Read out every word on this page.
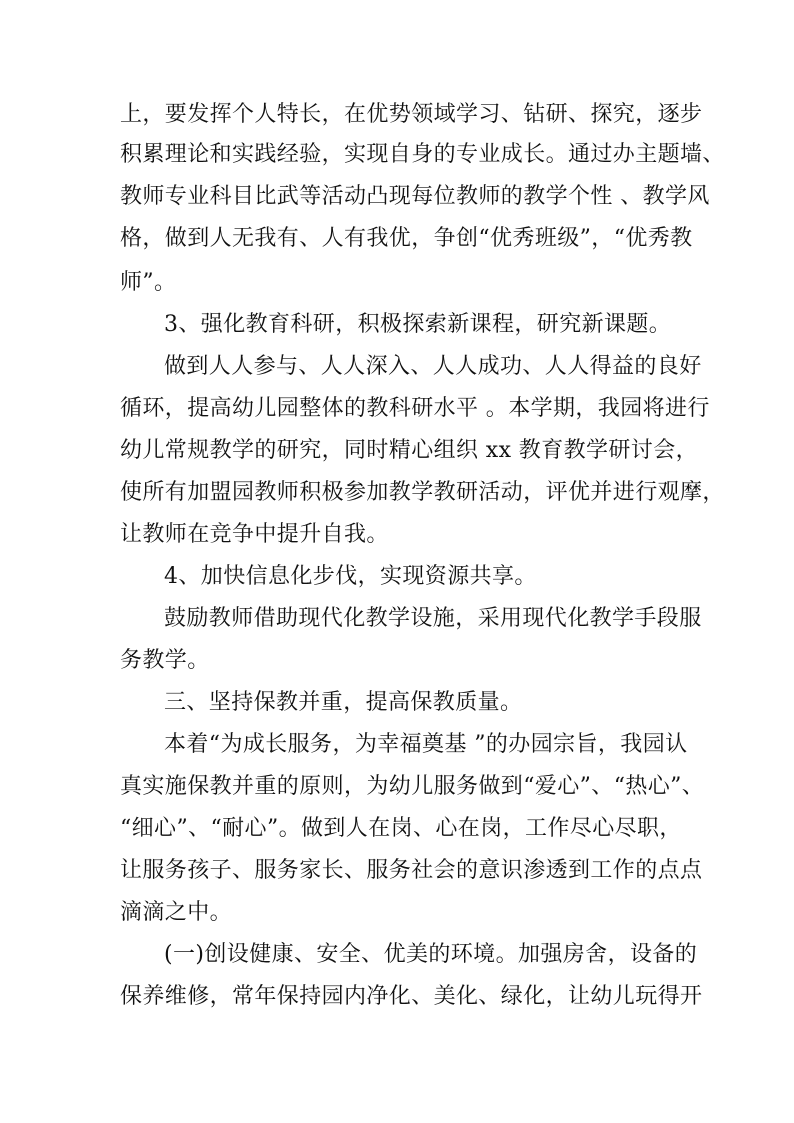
上，要发挥个人特长，在优势领域学习、钻研、探究，逐步
积累理论和实践经验，实现自身的专业成长。通过办主题墙、
教师专业科目比武等活动凸现每位教师的教学个性 、教学风
格，做到人无我有、人有我优，争创“优秀班级”，“优秀教
师”。
3、强化教育科研，积极探索新课程，研究新课题。
做到人人参与、人人深入、人人成功、人人得益的良好
循环，提高幼儿园整体的教科研水平 。本学期，我园将进行
幼儿常规教学的研究，同时精心组织 xx 教育教学研讨会，
使所有加盟园教师积极参加教学教研活动，评优并进行观摩，
让教师在竞争中提升自我。
4、加快信息化步伐，实现资源共享。
鼓励教师借助现代化教学设施，采用现代化教学手段服
务教学。
三、坚持保教并重，提高保教质量。
本着“为成长服务，为幸福奠基 ”的办园宗旨，我园认
真实施保教并重的原则，为幼儿服务做到“爱心”、“热心”、
“细心”、“耐心”。做到人在岗、心在岗，工作尽心尽职，
让服务孩子、服务家长、服务社会的意识渗透到工作的点点
滴滴之中。
(一)创设健康、安全、优美的环境。加强房舍，设备的
保养维修，常年保持园内净化、美化、绿化，让幼儿玩得开
